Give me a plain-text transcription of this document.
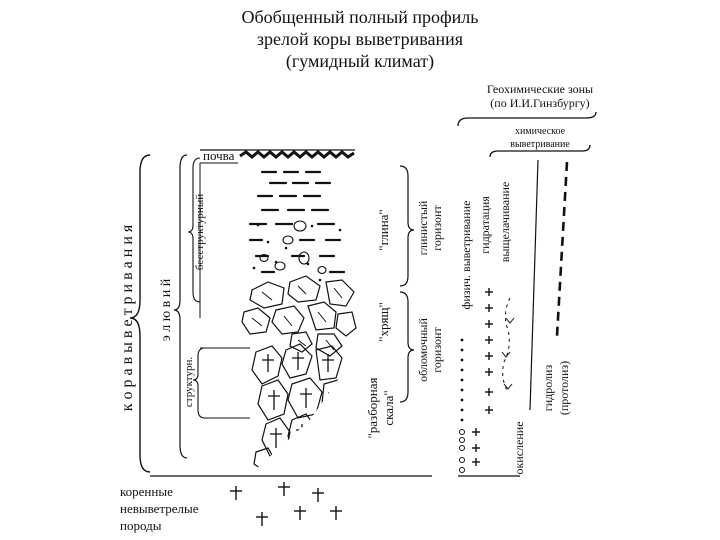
Обобщенный полный профиль
зрелой коры выветривания
(гумидный климат)
Геохимические зоны
(по И.И.Гинзбургу)
химическое
выветривание
к о р а в ы в е т р и в а н и я э л ю в и й
бесструктурный
структурн.
почва
"глина"
"хрящ"
"разборная скала"
глинистый горизонт
обломочный горизонт
физич. выветривание гидратация выщелачивание
окисление
гидролиз (протолиз)
коренные
невыветрелые
породы
